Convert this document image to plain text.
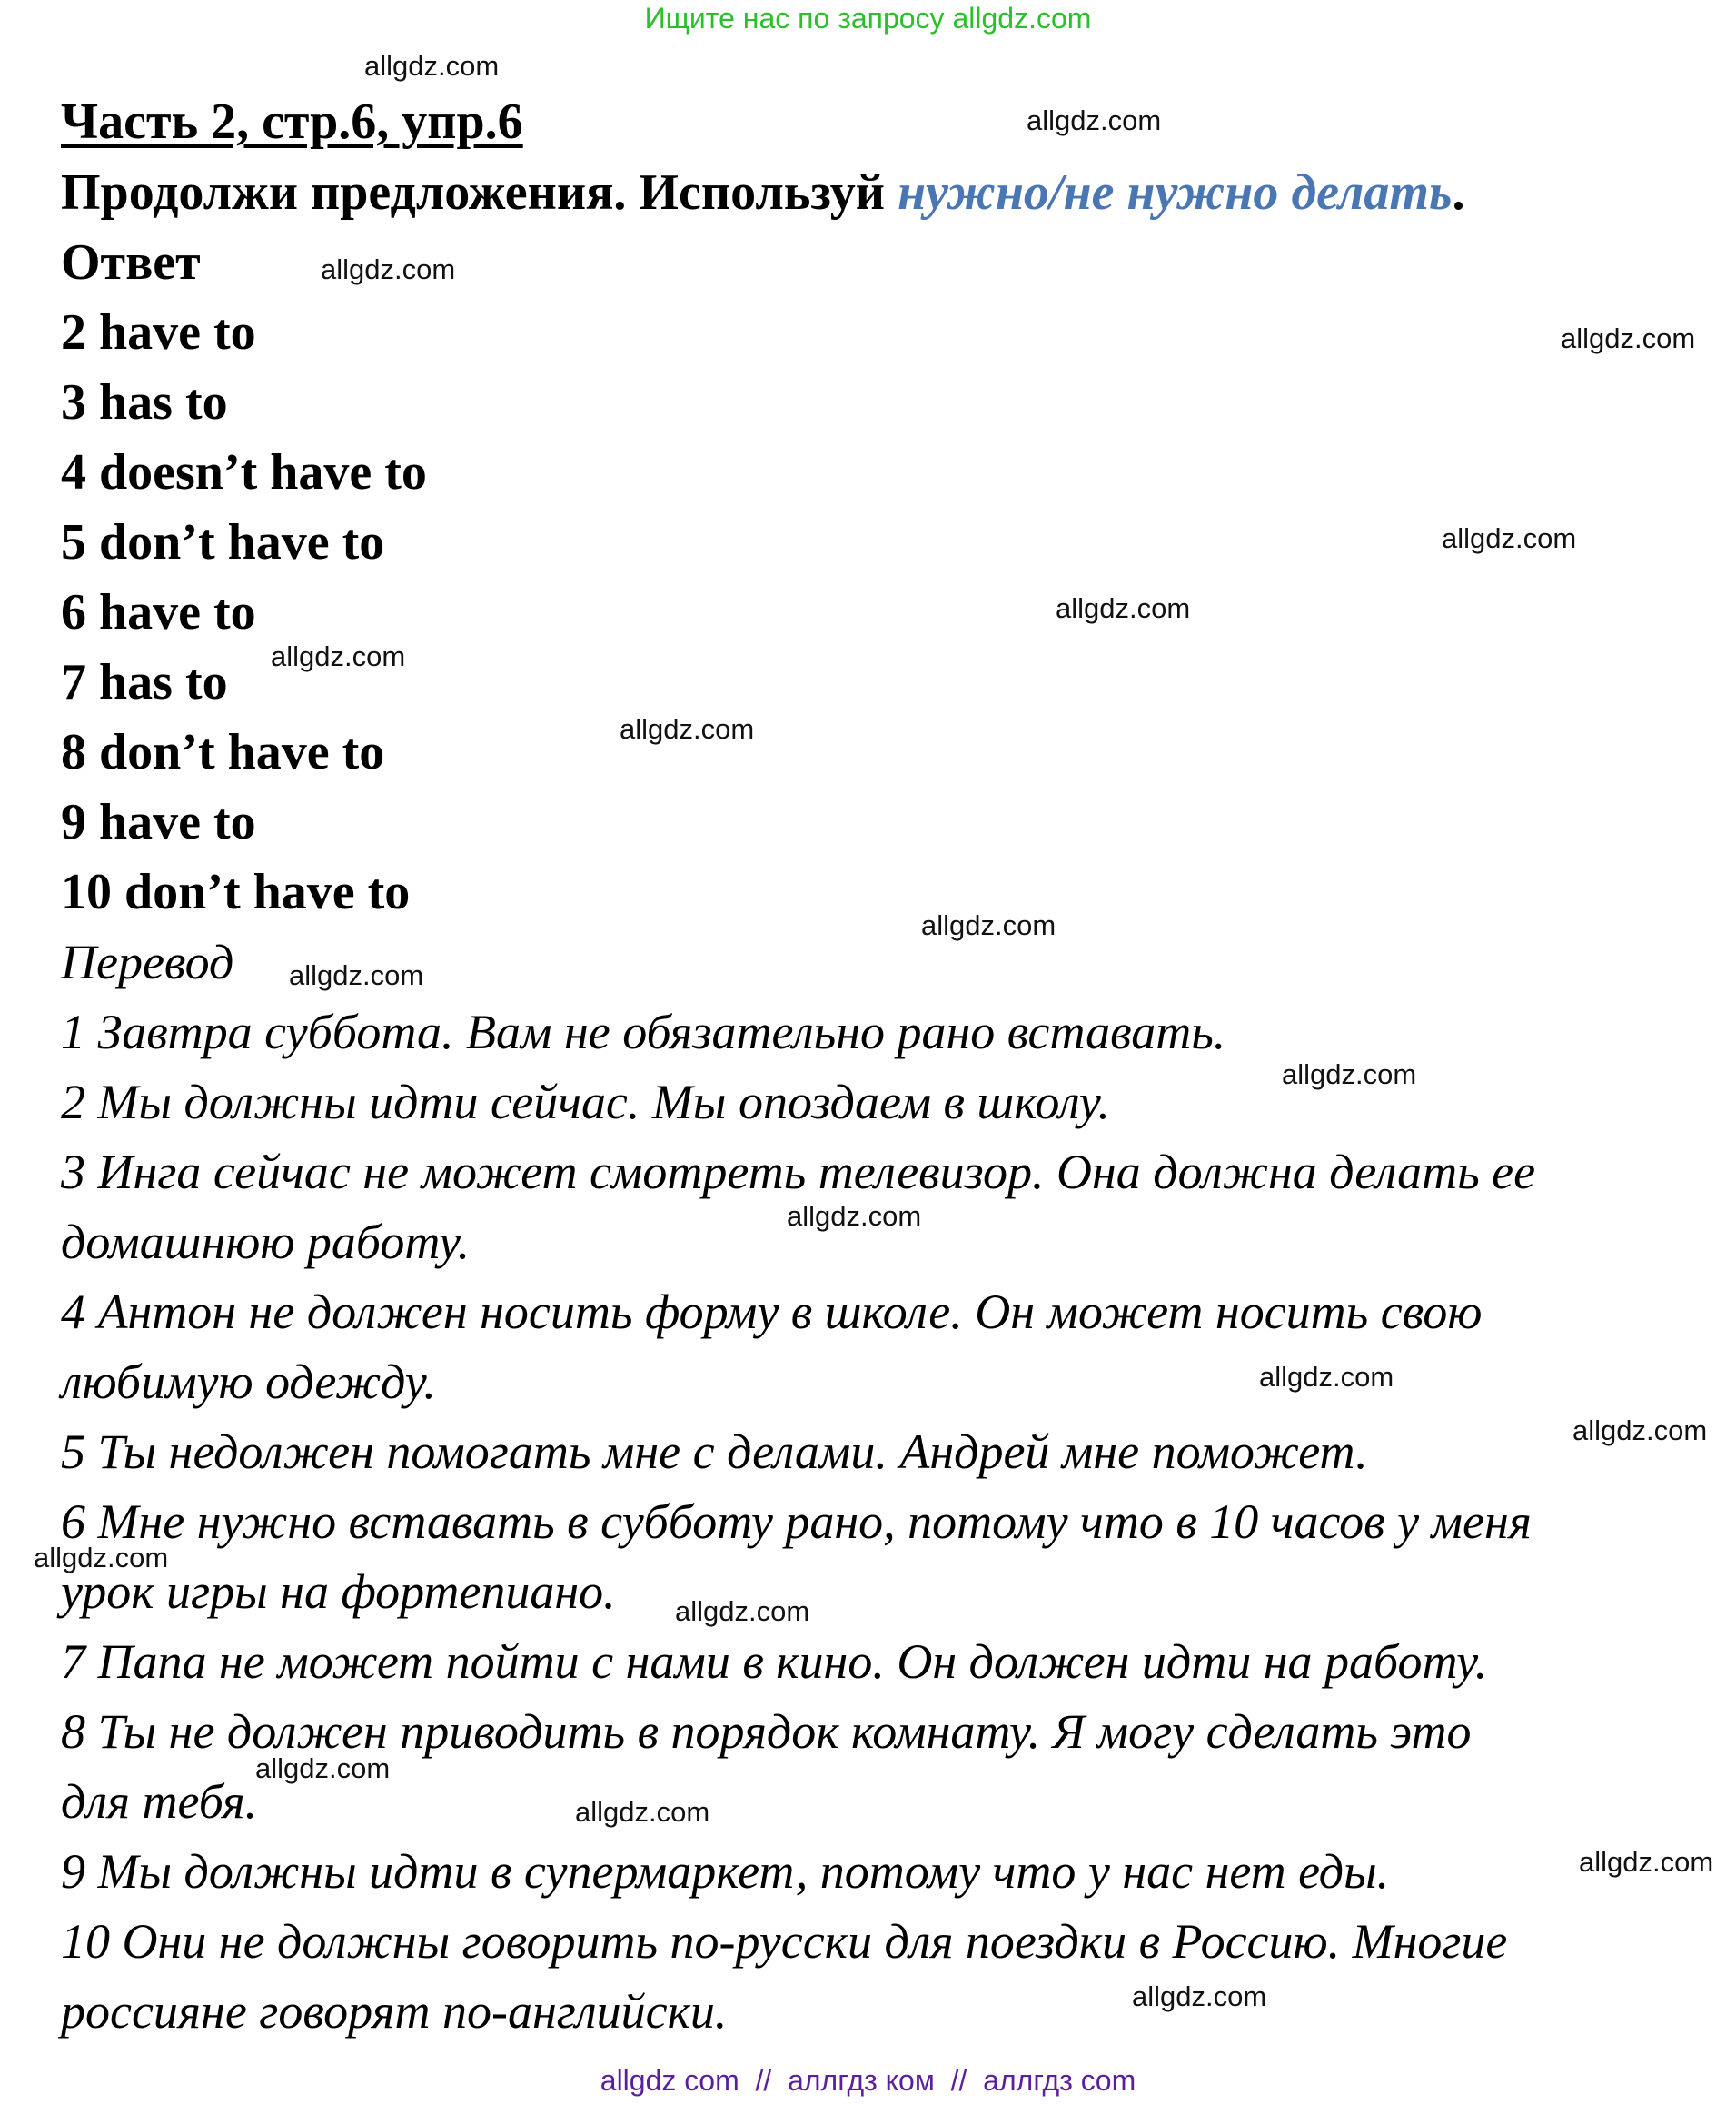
Ищите нас по запросу allgdz.com
Часть 2, стр.6, упр.6
Продолжи предложения. Используй нужно/не нужно делать.
Ответ
2 have to
3 has to
4 doesn’t have to
5 don’t have to
6 have to
7 has to
8 don’t have to
9 have to
10 don’t have to
Перевод
1 Завтра суббота. Вам не обязательно рано вставать.
2 Мы должны идти сейчас. Мы опоздаем в школу.
3 Инга сейчас не может смотреть телевизор. Она должна делать ее
домашнюю работу.
4 Антон не должен носить форму в школе. Он может носить свою
любимую одежду.
5 Ты недолжен помогать мне с делами. Андрей мне поможет.
6 Мне нужно вставать в субботу рано, потому что в 10 часов у меня
урок игры на фортепиано.
7 Папа не может пойти с нами в кино. Он должен идти на работу.
8 Ты не должен приводить в порядок комнату. Я могу сделать это
для тебя.
9 Мы должны идти в супермаркет, потому что у нас нет еды.
10 Они не должны говорить по-русски для поездки в Россию. Многие
россияне говорят по-английски.
allgdz.com
allgdz.com
allgdz.com
allgdz.com
allgdz.com
allgdz.com
allgdz.com
allgdz.com
allgdz.com
allgdz.com
allgdz.com
allgdz.com
allgdz.com
allgdz.com
allgdz.com
allgdz.com
allgdz.com
allgdz.com
allgdz.com
allgdz.com
allgdz com  //  аллгдз ком  //  аллгдз com
